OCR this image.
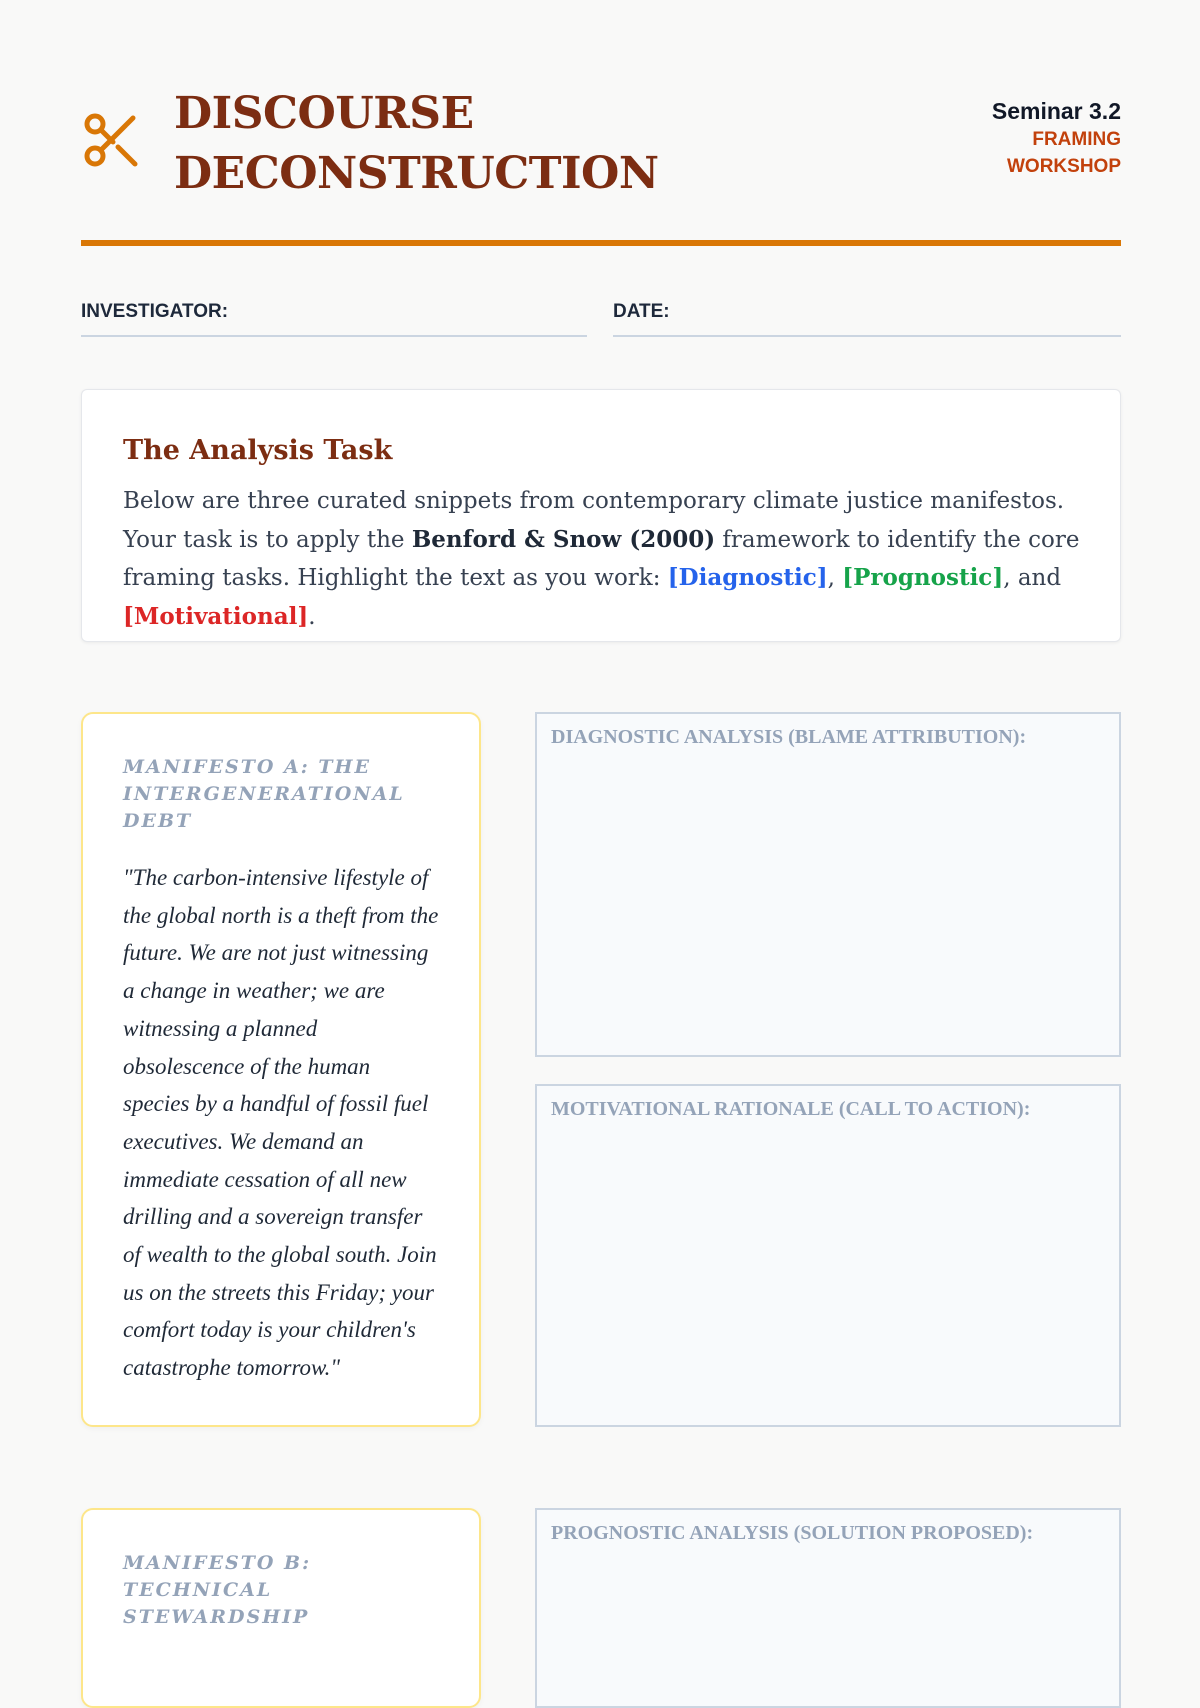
DISCOURSE
DECONSTRUCTION
Seminar 3.2
FRAMING
WORKSHOP
INVESTIGATOR:	DATE:
The Analysis Task

Below are three curated snippets from contemporary climate justice manifestos. Your task is to apply the Benford & Snow (2000) framework to identify the core framing tasks. Highlight the text as you work: [Diagnostic], [Prognostic], and [Motivational].

MANIFESTO A: THE INTERGENERATIONAL DEBT
"The carbon-intensive lifestyle of the global north is a theft from the future. We are not just witnessing a change in weather; we are witnessing a planned obsolescence of the human species by a handful of fossil fuel executives. We demand an immediate cessation of all new drilling and a sovereign transfer of wealth to the global south. Join us on the streets this Friday; your comfort today is your children's catastrophe tomorrow."
DIAGNOSTIC ANALYSIS (BLAME ATTRIBUTION):
MOTIVATIONAL RATIONALE (CALL TO ACTION):
MANIFESTO B: TECHNICAL STEWARDSHIP
PROGNOSTIC ANALYSIS (SOLUTION PROPOSED):
